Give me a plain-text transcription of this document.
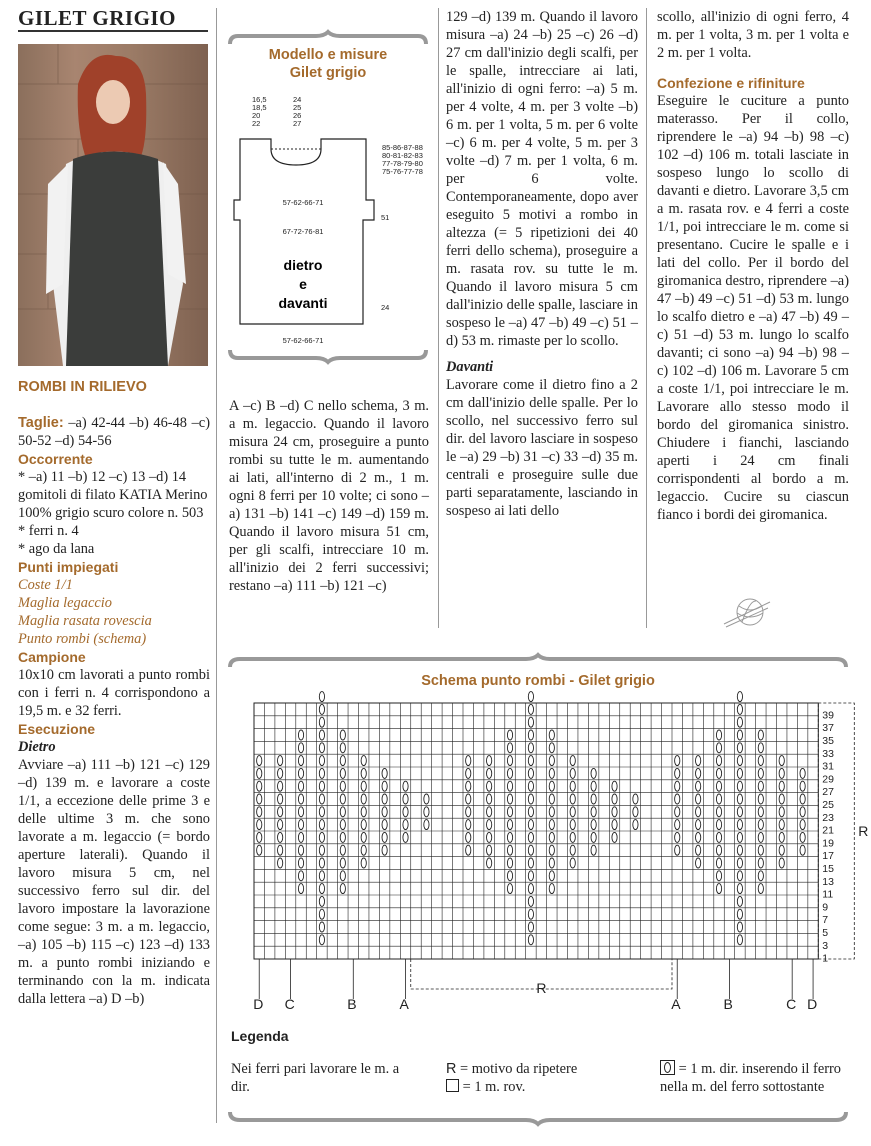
GILET GRIGIO

ROMBI IN RILIEVO

Taglie: –a) 42-44 –b) 46-48 –c) 50-52 –d) 54-56

Occorrente

* –a) 11 –b) 12 –c) 13 –d) 14 gomitoli di filato KATIA Merino 100% grigio scuro colore n. 503

* ferri n. 4

* ago da lana

Punti impiegati

Coste 1/1

Maglia legaccio

Maglia rasata rovescia

Punto rombi (schema)

Campione

10x10 cm lavorati a punto rombi con i ferri n. 4 corrispondono a 19,5 m. e 32 ferri.

Esecuzione

Dietro

Avviare –a) 111 –b) 121 –c) 129 –d) 139 m. e lavorare a coste 1/1, a eccezione delle prime 3 e delle ultime 3 m. che sono lavorate a m. legaccio (= bordo aperture laterali). Quando il lavoro misura 5 cm, nel successivo ferro sul dir. del lavoro impostare la lavorazione come segue: 3 m. a m. legaccio, –a) 105 –b) 115 –c) 123 –d) 133 m. a punto rombi iniziando e terminando con la m. indicata dalla lettera –a) D –b)

Modello e misure
Gilet grigio
16,5
18,5
20
22
24
25
26
27
85-86-87-88
80-81-82-83
77-78-79-80
75-76-77-78
57-62-66-71
67-72-76-81
57-62-66-71
51
24
dietro
e
davanti
A –c) B –d) C nello schema, 3 m. a m. legaccio. Quando il lavoro misura 24 cm, proseguire a punto rombi su tutte le m. aumentando ai lati, all'interno di 2 m., 1 m. ogni 8 ferri per 10 volte; ci sono –a) 131 –b) 141 –c) 149 –d) 159 m. Quando il lavoro misura 51 cm, per gli scalfi, intrecciare 10 m. all'inizio dei 2 ferri successivi; restano –a) 111 –b) 121 –c)

129 –d) 139 m. Quando il lavoro misura –a) 24 –b) 25 –c) 26 –d) 27 cm dall'inizio degli scalfi, per le spalle, intrecciare ai lati, all'inizio di ogni ferro: –a) 5 m. per 4 volte, 4 m. per 3 volte –b) 6 m. per 1 volta, 5 m. per 6 volte –c) 6 m. per 4 volte, 5 m. per 3 volte –d) 7 m. per 1 volta, 6 m. per 6 volte. Contemporaneamente, dopo aver eseguito 5 motivi a rombo in altezza (= 5 ripetizioni dei 40 ferri dello schema), proseguire a m. rasata rov. su tutte le m. Quando il lavoro misura 5 cm dall'inizio delle spalle, lasciare in sospeso le –a) 47 –b) 49 –c) 51 –d) 53 m. rimaste per lo scollo.

Davanti

Lavorare come il dietro fino a 2 cm dall'inizio delle spalle. Per lo scollo, nel successivo ferro sul dir. del lavoro lasciare in sospeso le –a) 29 –b) 31 –c) 33 –d) 35 m. centrali e proseguire sulle due parti separatamente, lasciando in sospeso ai lati dello

scollo, all'inizio di ogni ferro, 4 m. per 1 volta, 3 m. per 1 volta e 2 m. per 1 volta.

Confezione e rifiniture

Eseguire le cuciture a punto materasso. Per il collo, riprendere le –a) 94 –b) 98 –c) 102 –d) 106 m. totali lasciate in sospeso lungo lo scollo di davanti e dietro. Lavorare 3,5 cm a m. rasata rov. e 4 ferri a coste 1/1, poi intrecciare le m. come si presentano. Cucire le spalle e i lati del collo. Per il bordo del giromanica destro, riprendere –a) 47 –b) 49 –c) 51 –d) 53 m. lungo lo scalfo dietro e –a) 47 –b) 49 –c) 51 –d) 53 m. lungo lo scalfo davanti; ci sono –a) 94 –b) 98 –c) 102 –d) 106 m. Lavorare 5 cm a coste 1/1, poi intrecciare le m. Lavorare allo stesso modo il bordo del giromanica sinistro. Chiudere i fianchi, lasciando aperti i 24 cm finali corrispondenti al bordo a m. legaccio. Cucire su ciascun fianco i bordi dei giromanica.

Schema punto rombi - Gilet grigio
39
37
35
33
31
29
27
25
23
21
19
17
15
13
11
9
7
5
3
1
R
D C	B	A	A	B	C D
R
Legenda
Nei ferri pari lavorare le m. a dir.
R = motivo da ripetere
= 1 m. rov.
= 1 m. dir. inserendo il ferro nella m. del ferro sottostante
